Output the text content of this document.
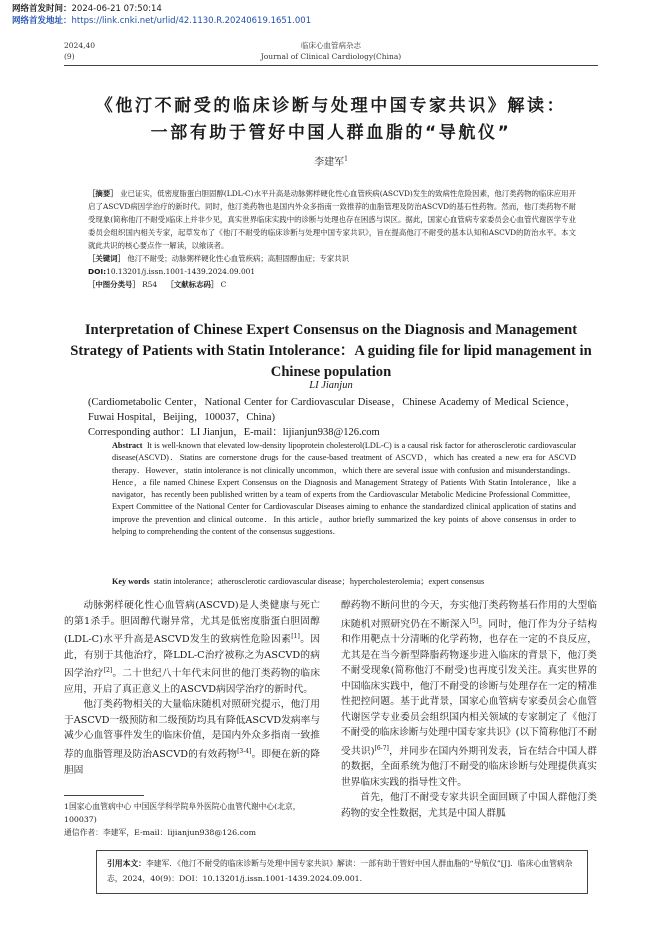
网络首发时间：2024-06-21 07:50:14
网络首发地址：https://link.cnki.net/urlid/42.1130.R.20240619.1651.001
2024,40
(9)
临床心血管病杂志
Journal of Clinical Cardiology(China)
《他汀不耐受的临床诊断与处理中国专家共识》解读：
一部有助于管好中国人群血脂的“导航仪”
李建军$^1$

［摘要］ 业已证实，低密度脂蛋白胆固醇(LDL-C)水平升高是动脉粥样硬化性心血管疾病(ASCVD)发生的致病性危险因素，他汀类药物的临床应用开启了ASCVD病因学治疗的新时代。同时，他汀类药物也是国内外众多指南一致推荐的血脂管理及防治ASCVD的基石性药物。然而，他汀类药物不耐受现象(简称他汀不耐受)临床上并非少见，真实世界临床实践中的诊断与处理也存在困惑与误区。据此，国家心血管病专家委员会心血管代谢医学专业委员会组织国内相关专家，起草发布了《他汀不耐受的临床诊断与处理中国专家共识》，旨在提高他汀不耐受的基本认知和ASCVD的防治水平。本文就此共识的核心要点作一解读，以飨读者。

［关键词］ 他汀不耐受；动脉粥样硬化性心血管疾病；高胆固醇血症；专家共识

DOI:10.13201/j.issn.1001-1439.2024.09.001

［中图分类号］ R54 ［文献标志码］ C

Interpretation of Chinese Expert Consensus on the Diagnosis and Management Strategy of Patients with Statin Intolerance：A guiding file for lipid management in Chinese population
LI Jianjun

(Cardiometabolic Center，National Center for Cardiovascular Disease，Chinese Academy of Medical Science，Fuwai Hospital，Beijing，100037，China)

Corresponding author：LI Jianjun，E-mail：lijianjun938@126.com

Abstract It is well-known that elevated low-density lipoprotein cholesterol(LDL-C) is a causal risk factor for atherosclerotic cardiovascular disease(ASCVD)．Statins are cornerstone drugs for the cause-based treatment of ASCVD，which has created a new era for ASCVD therapy．However，statin intolerance is not clinically uncommon，which there are several issue with confusion and misunderstandings．Hence，a file named Chinese Expert Consensus on the Diagnosis and Management Strategy of Patients With Statin Intolerance，like a navigator，has recently been published written by a team of experts from the Cardiovascular Metabolic Medicine Professional Committee，Expert Committee of the National Center for Cardiovascular Diseases aiming to enhance the standardized clinical application of statins and improve the prevention and clinical outcome．In this article，author briefly summarized the key points of above consensus in order to helping to comprehending the content of the consensus suggestions．

Key words statin intolerance；atherosclerotic cardiovascular disease；hypercholesterolemia；expert consensus

动脉粥样硬化性心血管病(ASCVD)是人类健康与死亡的第1杀手。胆固醇代谢异常，尤其是低密度脂蛋白胆固醇(LDL-C)水平升高是ASCVD发生的致病性危险因素[1]。因此，有别于其他治疗，降LDL-C治疗被称之为ASCVD的病因学治疗[2]。二十世纪八十年代末问世的他汀类药物的临床应用，开启了真正意义上的ASCVD病因学治疗的新时代。

他汀类药物相关的大量临床随机对照研究提示，他汀用于ASCVD一级预防和二级预防均具有降低ASCVD发病率与减少心血管事件发生的临床价值，是国内外众多指南一致推荐的血脂管理及防治ASCVD的有效药物[3-4]。即便在新的降胆固

醇药物不断问世的今天，夯实他汀类药物基石作用的大型临床随机对照研究仍在不断深入[5]。同时，他汀作为分子结构和作用靶点十分清晰的化学药物，也存在一定的不良反应，尤其是在当今新型降脂药物逐步进入临床的背景下，他汀类不耐受现象(简称他汀不耐受)也再度引发关注。真实世界的中国临床实践中，他汀不耐受的诊断与处理存在一定的精准性把控问题。基于此背景，国家心血管病专家委员会心血管代谢医学专业委员会组织国内相关领域的专家制定了《他汀不耐受的临床诊断与处理中国专家共识》(以下简称他汀不耐受共识)[6-7]，并同步在国内外期刊发表，旨在结合中国人群的数据，全面系统为他汀不耐受的临床诊断与处理提供真实世界临床实践的指导性文件。

首先，他汀不耐受专家共识全面回顾了中国人群他汀类药物的安全性数据，尤其是中国人群胍

1国家心血管病中心 中国医学科学院阜外医院心血管代谢中心(北京，100037)

通信作者：李建军，E-mail：lijianjun938@126.com

引用本文：李建军．《他汀不耐受的临床诊断与处理中国专家共识》解读：一部有助于管好中国人群血脂的“导航仪”[J]．临床心血管病杂志，2024，40(9)：DOI：10.13201/j.issn.1001-1439.2024.09.001.
